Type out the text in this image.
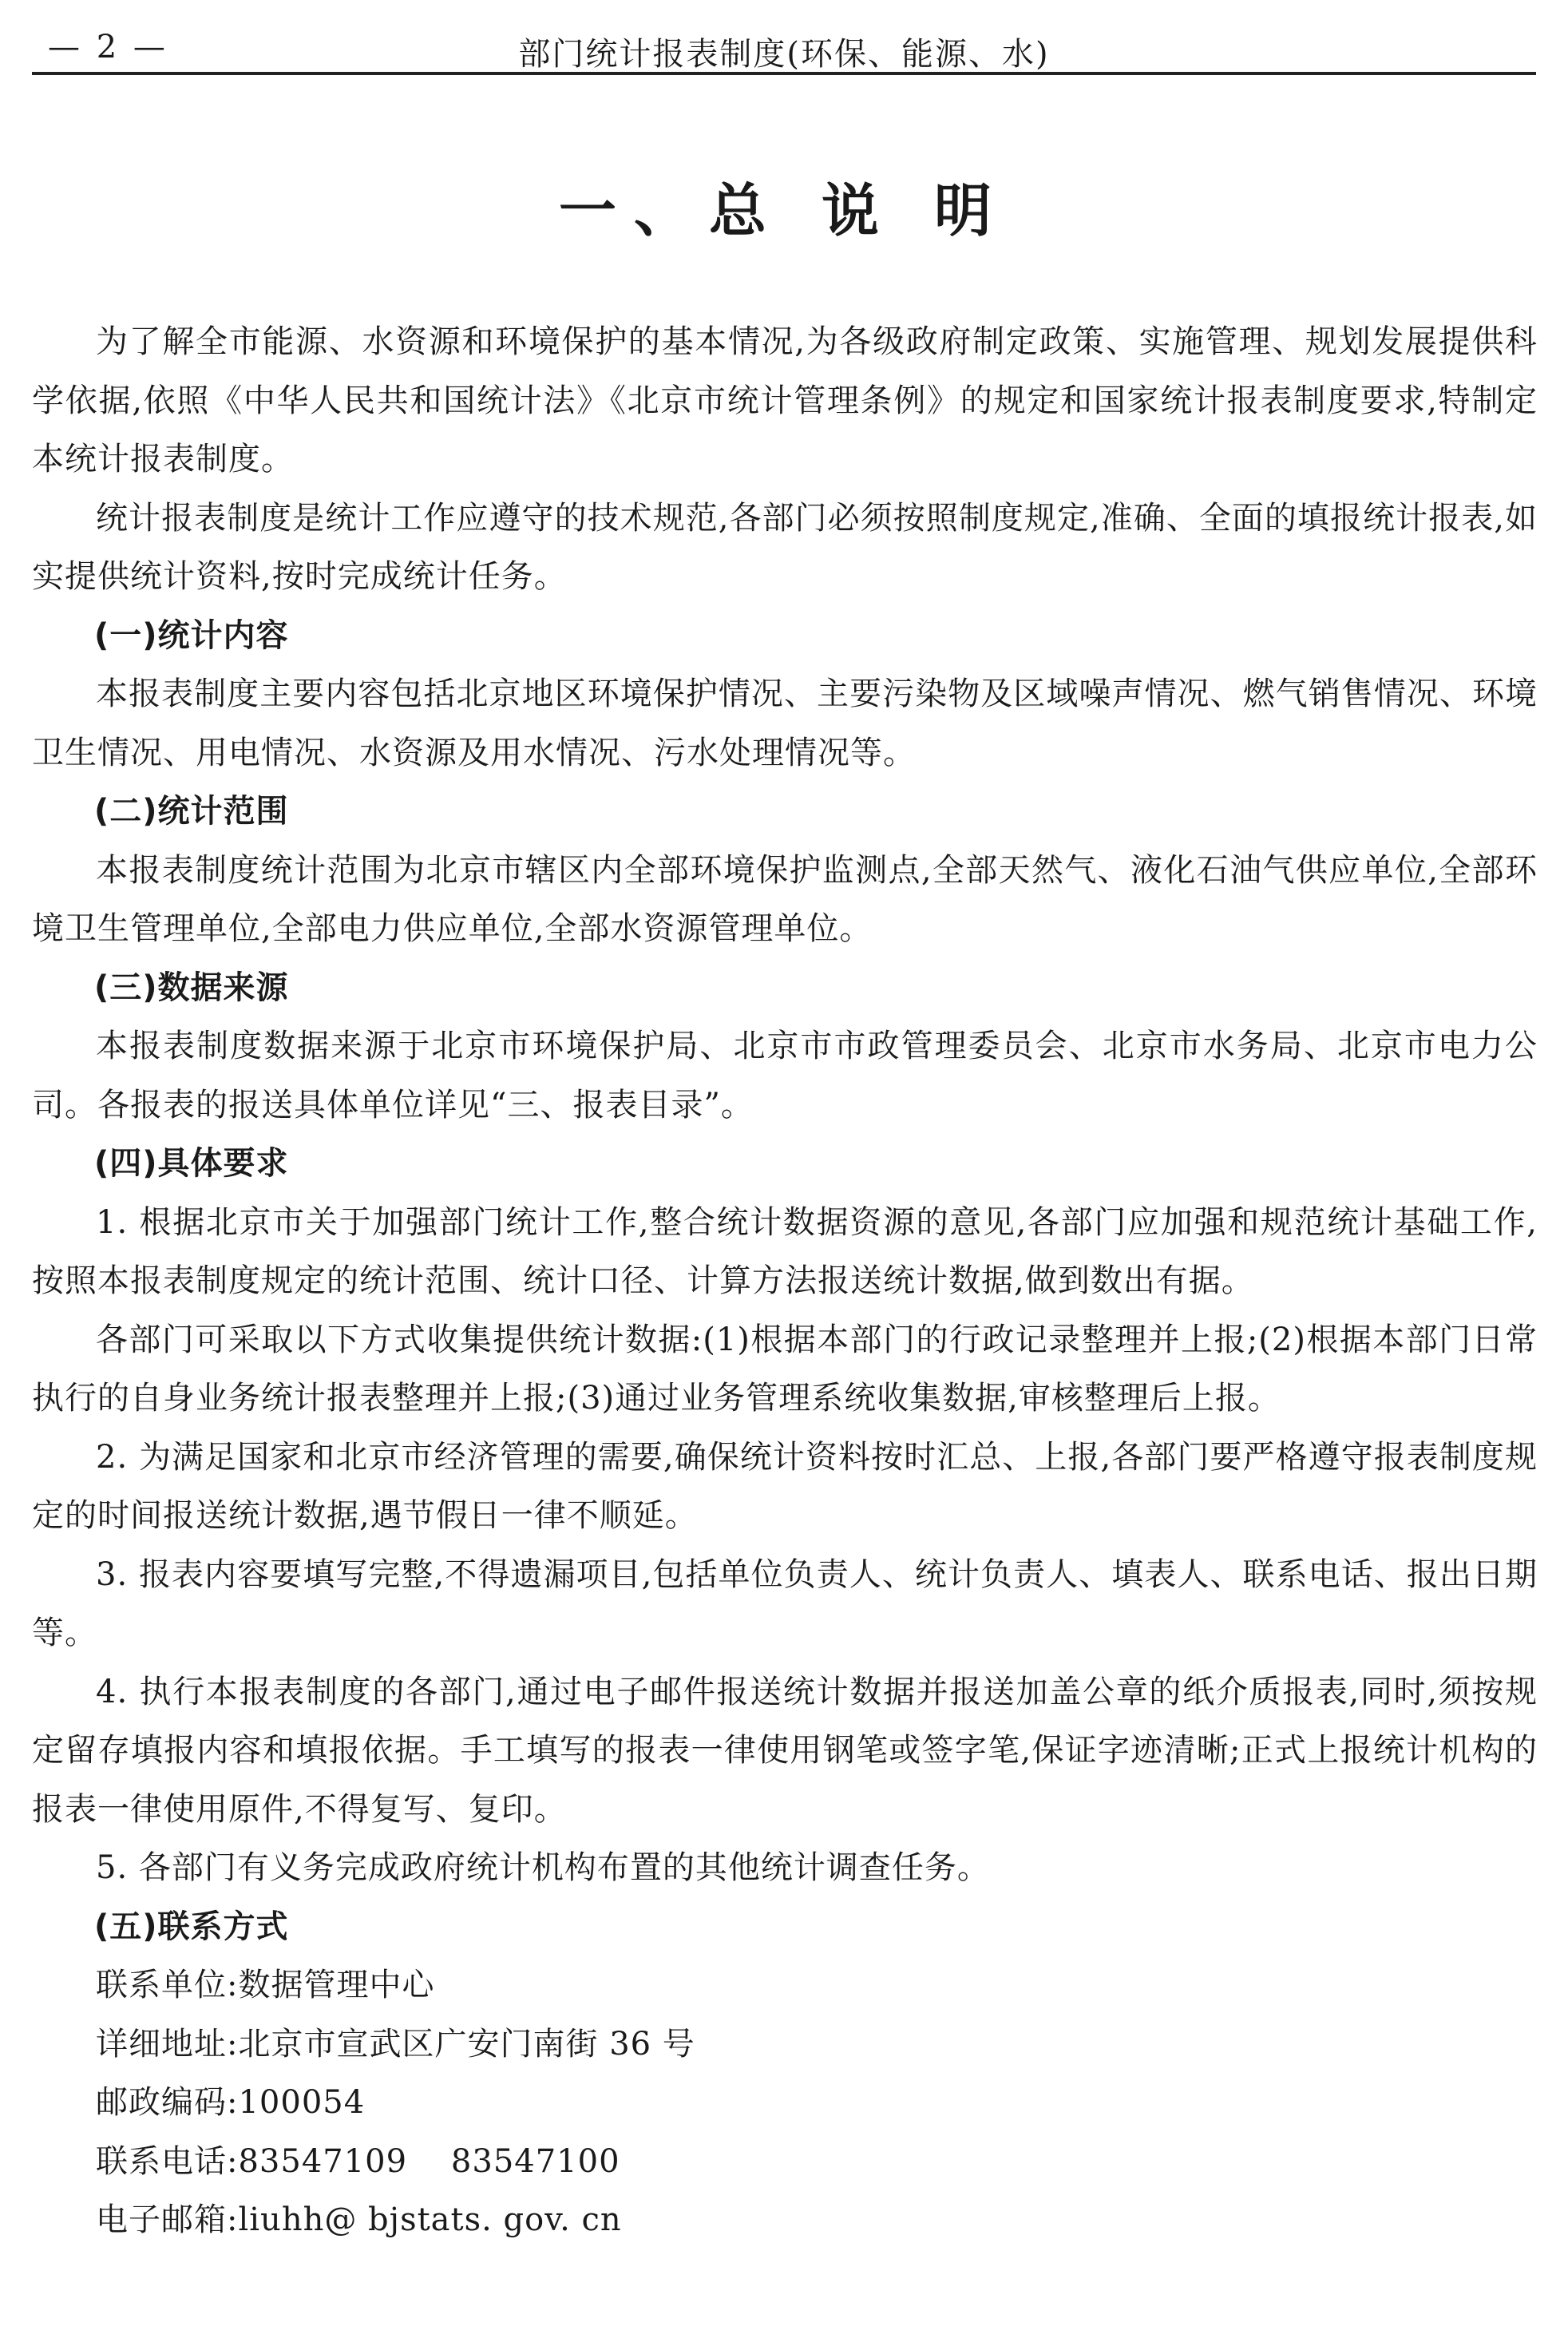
— 2 —	部门统计报表制度(环保、能源、水)
一、总 说 明

为了解全市能源、水资源和环境保护的基本情况,为各级政府制定政策、实施管理、规划发展提供科学依据,依照《中华人民共和国统计法》《北京市统计管理条例》的规定和国家统计报表制度要求,特制定本统计报表制度。

统计报表制度是统计工作应遵守的技术规范,各部门必须按照制度规定,准确、全面的填报统计报表,如实提供统计资料,按时完成统计任务。

(一)统计内容

本报表制度主要内容包括北京地区环境保护情况、主要污染物及区域噪声情况、燃气销售情况、环境卫生情况、用电情况、水资源及用水情况、污水处理情况等。

(二)统计范围

本报表制度统计范围为北京市辖区内全部环境保护监测点,全部天然气、液化石油气供应单位,全部环境卫生管理单位,全部电力供应单位,全部水资源管理单位。

(三)数据来源

本报表制度数据来源于北京市环境保护局、北京市市政管理委员会、北京市水务局、北京市电力公司。各报表的报送具体单位详见“三、报表目录”。

(四)具体要求

1. 根据北京市关于加强部门统计工作,整合统计数据资源的意见,各部门应加强和规范统计基础工作,按照本报表制度规定的统计范围、统计口径、计算方法报送统计数据,做到数出有据。

各部门可采取以下方式收集提供统计数据:(1)根据本部门的行政记录整理并上报;(2)根据本部门日常执行的自身业务统计报表整理并上报;(3)通过业务管理系统收集数据,审核整理后上报。

2. 为满足国家和北京市经济管理的需要,确保统计资料按时汇总、上报,各部门要严格遵守报表制度规定的时间报送统计数据,遇节假日一律不顺延。

3. 报表内容要填写完整,不得遗漏项目,包括单位负责人、统计负责人、填表人、联系电话、报出日期等。

4. 执行本报表制度的各部门,通过电子邮件报送统计数据并报送加盖公章的纸介质报表,同时,须按规定留存填报内容和填报依据。手工填写的报表一律使用钢笔或签字笔,保证字迹清晰;正式上报统计机构的报表一律使用原件,不得复写、复印。

5. 各部门有义务完成政府统计机构布置的其他统计调查任务。

(五)联系方式
联系单位:数据管理中心
详细地址:北京市宣武区广安门南街 36 号
邮政编码:100054
联系电话:83547109    83547100
电子邮箱:liuhh@ bjstats. gov. cn
